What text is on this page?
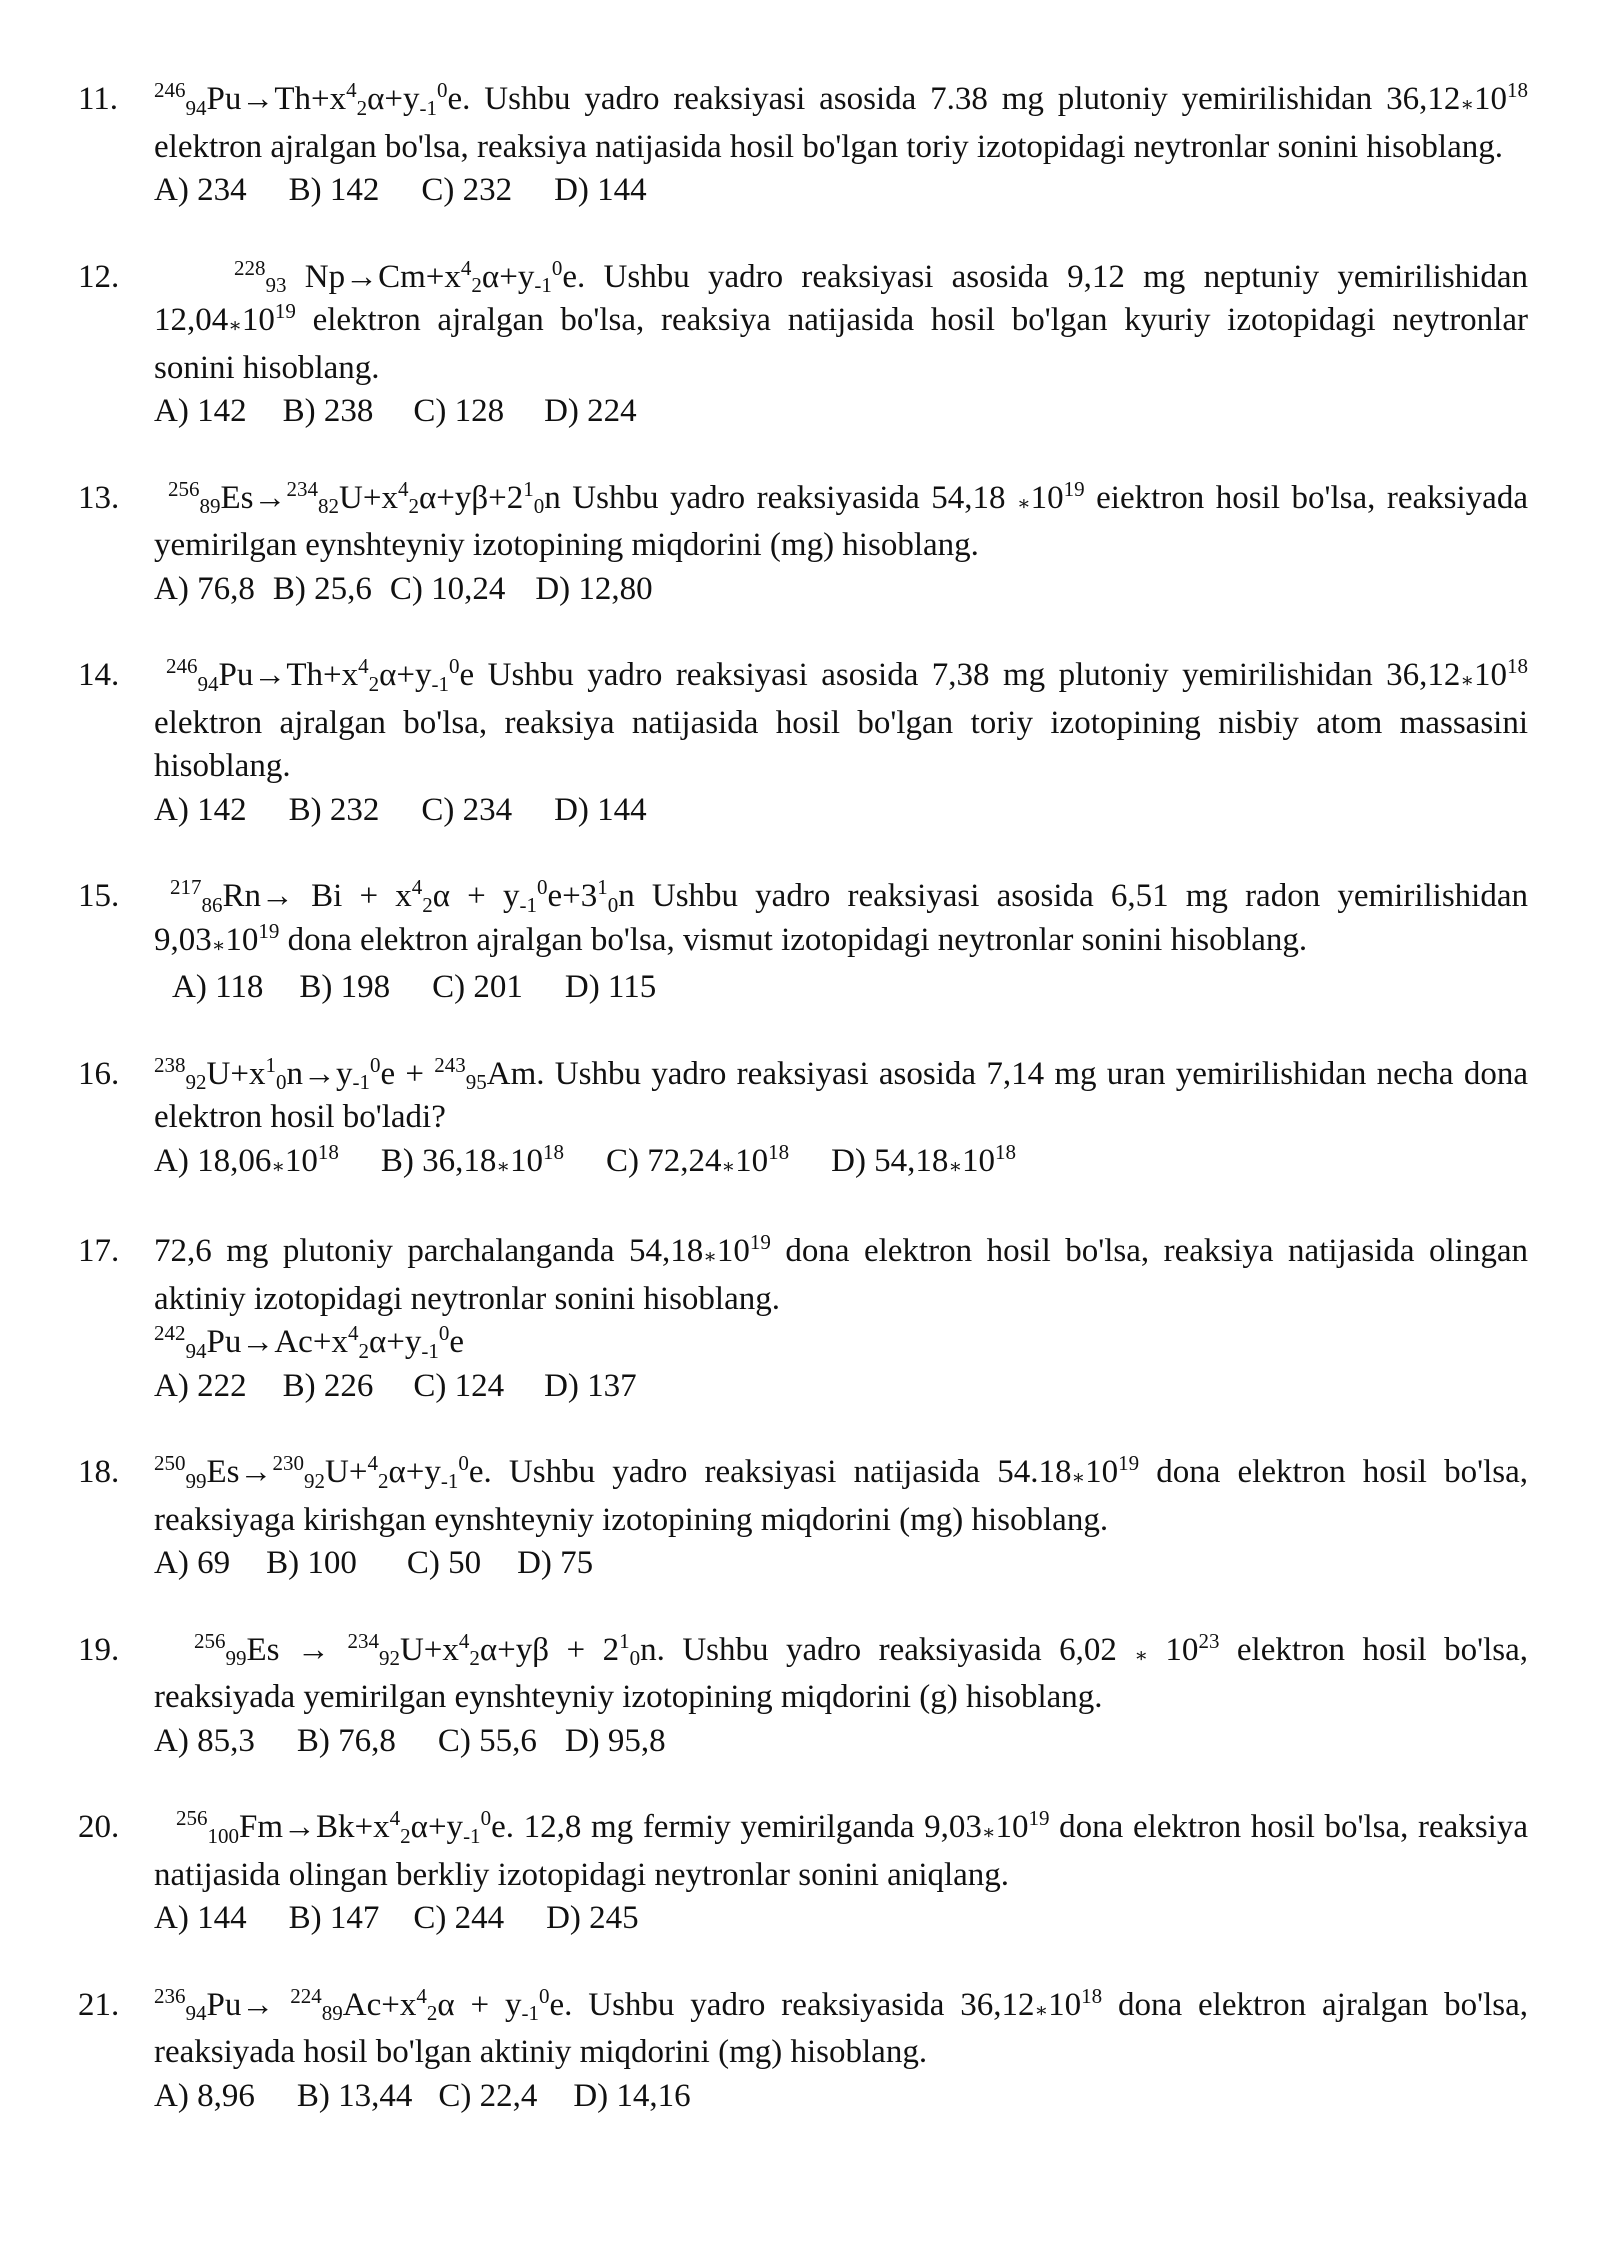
11. $^{246}_{94}Pu\to Th+x^4_2\alpha+y_{-1}^0e$. Ushbu yadro reaksiyasi asosida 7.38 mg plutoniy yemirilishidan $36,12∗10^{18}$ elektron ajralgan bo'lsa, reaksiya natijasida hosil bo'lgan toriy izotopidagi neytronlar sonini hisoblang.
A) 234 B) 142 C) 232 D) 144
12.	$^{228}_{93}$ $Np\to Cm+x^4_2\alpha+y_{-1}^0e$. Ushbu yadro reaksiyasi asosida 9,12 mg neptuniy yemirilishidan $12,04∗10^{19}$ elektron ajralgan bo'lsa, reaksiya natijasida hosil bo'lgan kyuriy izotopidagi neytronlar sonini hisoblang.
A) 142 B) 238 C) 128 D) 224
13.	$^{256}_{89}Es\to^{234}_{82}U+x^4_2\alpha+y\beta+2^1_0n$ Ushbu yadro reaksiyasida 54,18 $∗10^{19}$ eiektron hosil bo'lsa, reaksiyada yemirilgan eynshteyniy izotopining miqdorini (mg) hisoblang.
A) 76,8 B) 25,6 C) 10,24 D) 12,80
14.	$^{246}_{94}Pu\to Th+x^4_2\alpha+y_{-1}^0e$ Ushbu yadro reaksiyasi asosida 7,38 mg plutoniy yemirilishidan $36,12∗10^{18}$ elektron ajralgan bo'lsa, reaksiya natijasida hosil bo'lgan toriy izotopining nisbiy atom massasini hisoblang.
A) 142 B) 232 C) 234 D) 144
15.	$^{217}_{86}Rn\to Bi + x^4_2\alpha + y_{-1}^0e+3^1_0n$ Ushbu yadro reaksiyasi asosida 6,51 mg radon yemirilishidan $9,03∗10^{19}$ dona elektron ajralgan bo'lsa, vismut izotopidagi neytronlar sonini hisoblang.
A) 118 B) 198 C) 201 D) 115
16. $^{238}_{92}U+x^1_0n\to y_{-1}^0e + ^{243}_{95}Am$. Ushbu yadro reaksiyasi asosida 7,14 mg uran yemirilishidan necha dona elektron hosil bo'ladi?
A) $18,06∗10^{18}$ B) $36,18∗10^{18}$ C) $72,24∗10^{18}$ D) $54,18∗10^{18}$
17. 72,6 mg plutoniy parchalanganda $54,18∗10^{19}$ dona elektron hosil bo'lsa, reaksiya natijasida olingan aktiniy izotopidagi neytronlar sonini hisoblang.
$^{242}_{94}Pu\to Ac+x^4_2\alpha+y_{-1}^0e$
A) 222 B) 226 C) 124 D) 137
18. $^{250}_{99}Es\to^{230}_{92}U+^4_2\alpha+y_{-1}^0e$. Ushbu yadro reaksiyasi natijasida $54.18∗10^{19}$ dona elektron hosil bo'lsa, reaksiyaga kirishgan eynshteyniy izotopining miqdorini (mg) hisoblang.
A) 69 B) 100 C) 50 D) 75
19.	$^{256}_{99}Es \to ^{234}_{92}U+x^4_2\alpha+y\beta + 2^1_0n$. Ushbu yadro reaksiyasida 6,02 ∗ $10^{23}$ elektron hosil bo'lsa, reaksiyada yemirilgan eynshteyniy izotopining miqdorini (g) hisoblang.
A) 85,3 B) 76,8 C) 55,6 D) 95,8
20.	$^{256}_{100}Fm\to Bk+x^4_2\alpha+y_{-1}^0e$. 12,8 mg fermiy yemirilganda $9,03∗10^{19}$ dona elektron hosil bo'lsa, reaksiya natijasida olingan berkliy izotopidagi neytronlar sonini aniqlang.
A) 144 B) 147 C) 244 D) 245
21. $^{236}_{94}Pu\to ^{224}_{89}Ac+x^4_2\alpha + y_{-1}^0e$. Ushbu yadro reaksiyasida $36,12∗10^{18}$ dona elektron ajralgan bo'lsa, reaksiyada hosil bo'lgan aktiniy miqdorini (mg) hisoblang.
A) 8,96 B) 13,44 C) 22,4 D) 14,16
